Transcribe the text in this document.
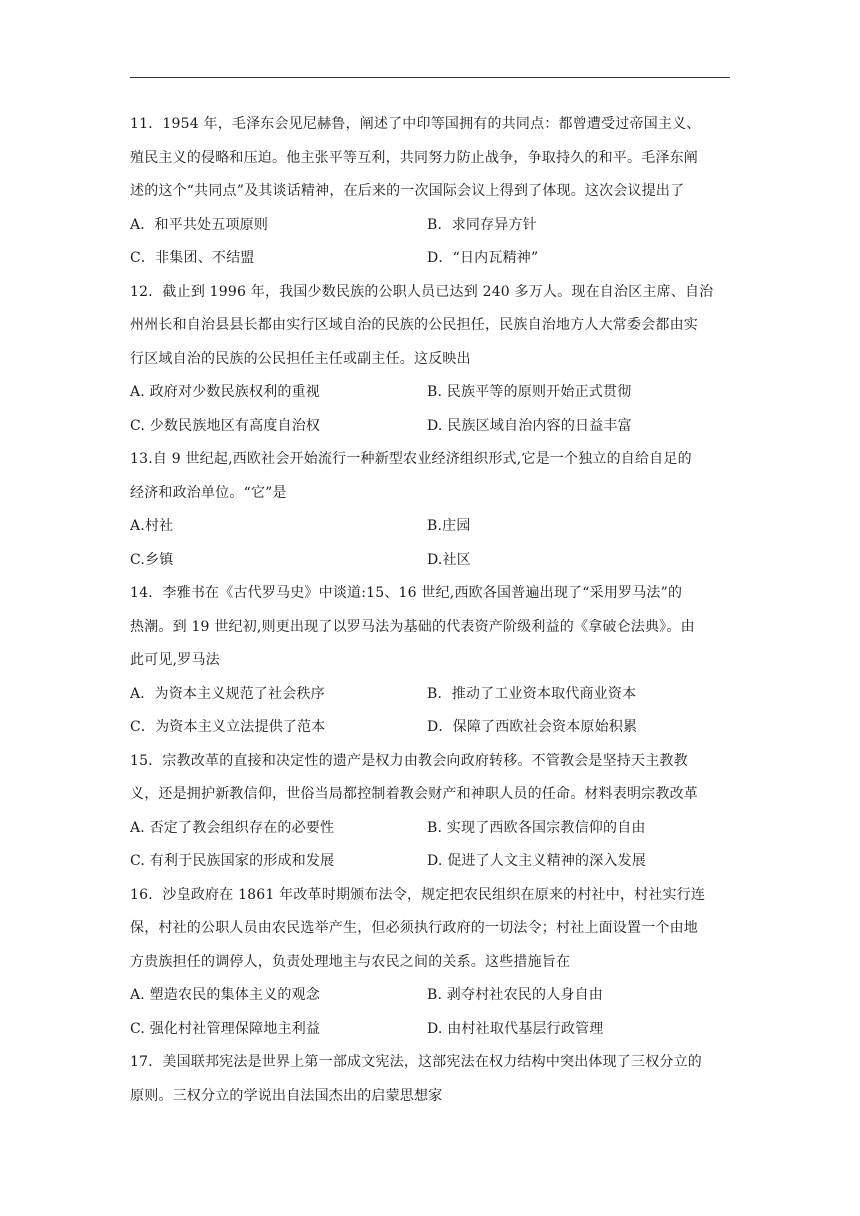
11．1954 年，毛泽东会见尼赫鲁，阐述了中印等国拥有的共同点：都曾遭受过帝国主义、
殖民主义的侵略和压迫。他主张平等互利，共同努力防止战争，争取持久的和平。毛泽东阐
述的这个“共同点”及其谈话精神，在后来的一次国际会议上得到了体现。这次会议提出了
A．和平共处五项原则	B．求同存异方针
C．非集团、不结盟	D．“日内瓦精神”
12．截止到 1996 年，我国少数民族的公职人员已达到 240 多万人。现在自治区主席、自治
州州长和自治县县长都由实行区域自治的民族的公民担任，民族自治地方人大常委会都由实
行区域自治的民族的公民担任主任或副主任。这反映出
A. 政府对少数民族权利的重视	B. 民族平等的原则开始正式贯彻
C. 少数民族地区有高度自治权	D. 民族区域自治内容的日益丰富
13.自 9 世纪起,西欧社会开始流行一种新型农业经济组织形式,它是一个独立的自给自足的
经济和政治单位。“它”是
A.村社	B.庄园
C.乡镇	D.社区
14．李雅书在《古代罗马史》中谈道:15、16 世纪,西欧各国普遍出现了“采用罗马法”的
热潮。到 19 世纪初,则更出现了以罗马法为基础的代表资产阶级利益的《拿破仑法典》。由
此可见,罗马法
A．为资本主义规范了社会秩序	B．推动了工业资本取代商业资本
C．为资本主义立法提供了范本	D．保障了西欧社会资本原始积累
15．宗教改革的直接和决定性的遗产是权力由教会向政府转移。不管教会是坚持天主教教
义，还是拥护新教信仰，世俗当局都控制着教会财产和神职人员的任命。材料表明宗教改革
A. 否定了教会组织存在的必要性	B. 实现了西欧各国宗教信仰的自由
C. 有利于民族国家的形成和发展	D. 促进了人文主义精神的深入发展
16．沙皇政府在 1861 年改革时期颁布法令，规定把农民组织在原来的村社中，村社实行连
保，村社的公职人员由农民选举产生，但必须执行政府的一切法令；村社上面设置一个由地
方贵族担任的调停人，负责处理地主与农民之间的关系。这些措施旨在
A. 塑造农民的集体主义的观念	B. 剥夺村社农民的人身自由
C. 强化村社管理保障地主利益	D. 由村社取代基层行政管理
17．美国联邦宪法是世界上第一部成文宪法，这部宪法在权力结构中突出体现了三权分立的
原则。三权分立的学说出自法国杰出的启蒙思想家
